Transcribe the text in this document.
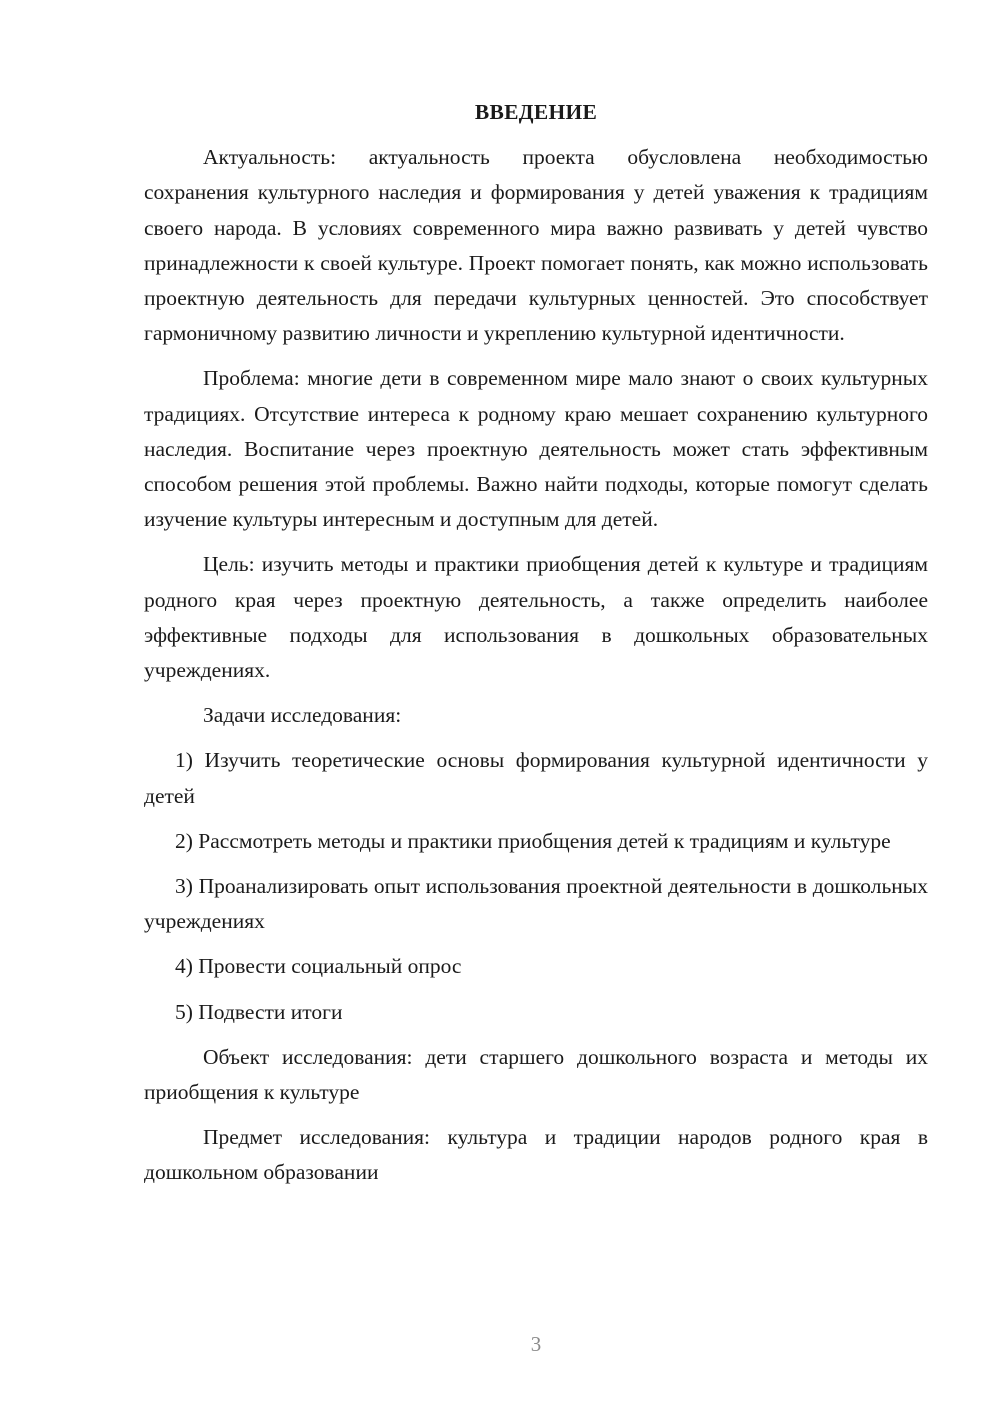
ВВЕДЕНИЕ

Актуальность: актуальность проекта обусловлена необходимостью сохранения культурного наследия и формирования у детей уважения к традициям своего народа. В условиях современного мира важно развивать у детей чувство принадлежности к своей культуре. Проект помогает понять, как можно использовать проектную деятельность для передачи культурных ценностей. Это способствует гармоничному развитию личности и укреплению культурной идентичности.

Проблема: многие дети в современном мире мало знают о своих культурных традициях. Отсутствие интереса к родному краю мешает сохранению культурного наследия. Воспитание через проектную деятельность может стать эффективным способом решения этой проблемы. Важно найти подходы, которые помогут сделать изучение культуры интересным и доступным для детей.

Цель: изучить методы и практики приобщения детей к культуре и традициям родного края через проектную деятельность, а также определить наиболее эффективные подходы для использования в дошкольных образовательных учреждениях.

Задачи исследования:

1) Изучить теоретические основы формирования культурной идентичности у детей

2) Рассмотреть методы и практики приобщения детей к традициям и культуре

3) Проанализировать опыт использования проектной деятельности в дошкольных учреждениях

4) Провести социальный опрос

5) Подвести итоги

Объект исследования: дети старшего дошкольного возраста и методы их приобщения к культуре

Предмет исследования: культура и традиции народов родного края в дошкольном образовании

3
